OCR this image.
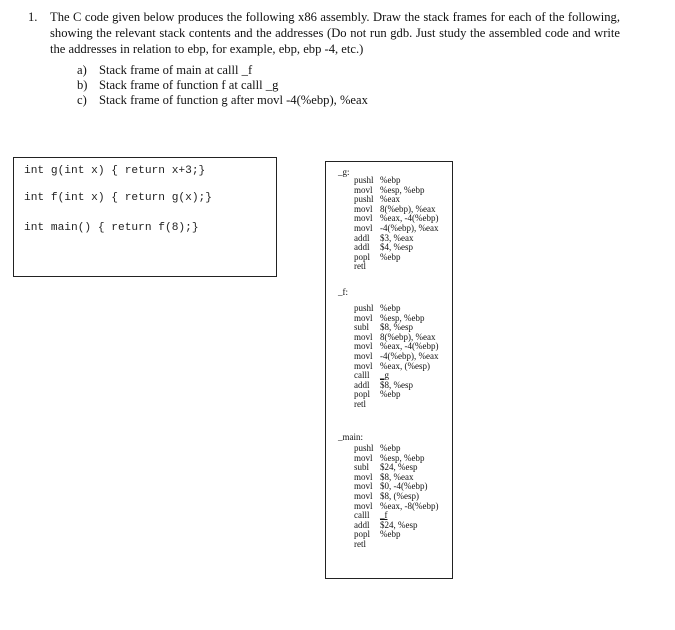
1. The C code given below produces the following x86 assembly. Draw the stack frames for each of the following, showing the relevant stack contents and the addresses (Do not run gdb. Just study the assembled code and write the addresses in relation to ebp, for example, ebp, ebp -4, etc.)

a) Stack frame of main at calll _f
b) Stack frame of function f at calll _g
c) Stack frame of function g after movl -4(%ebp), %eax
int g(int x) { return x+3;}
int f(int x) { return g(x);}
int main() { return f(8);}
_g:
pushl %ebp
movl %esp, %ebp
pushl %eax
movl 8(%ebp), %eax
movl %eax, -4(%ebp)
movl -4(%ebp), %eax
addl $3, %eax
addl $4, %esp
popl %ebp
retl
_f:
pushl %ebp
movl %esp, %ebp
subl $8, %esp
movl 8(%ebp), %eax
movl %eax, -4(%ebp)
movl -4(%ebp), %eax
movl %eax, (%esp)
calll _g
addl $8, %esp
popl %ebp
retl
_main:
pushl %ebp
movl %esp, %ebp
subl $24, %esp
movl $8, %eax
movl $0, -4(%ebp)
movl $8, (%esp)
movl %eax, -8(%ebp)
calll _f
addl $24, %esp
popl %ebp
retl
